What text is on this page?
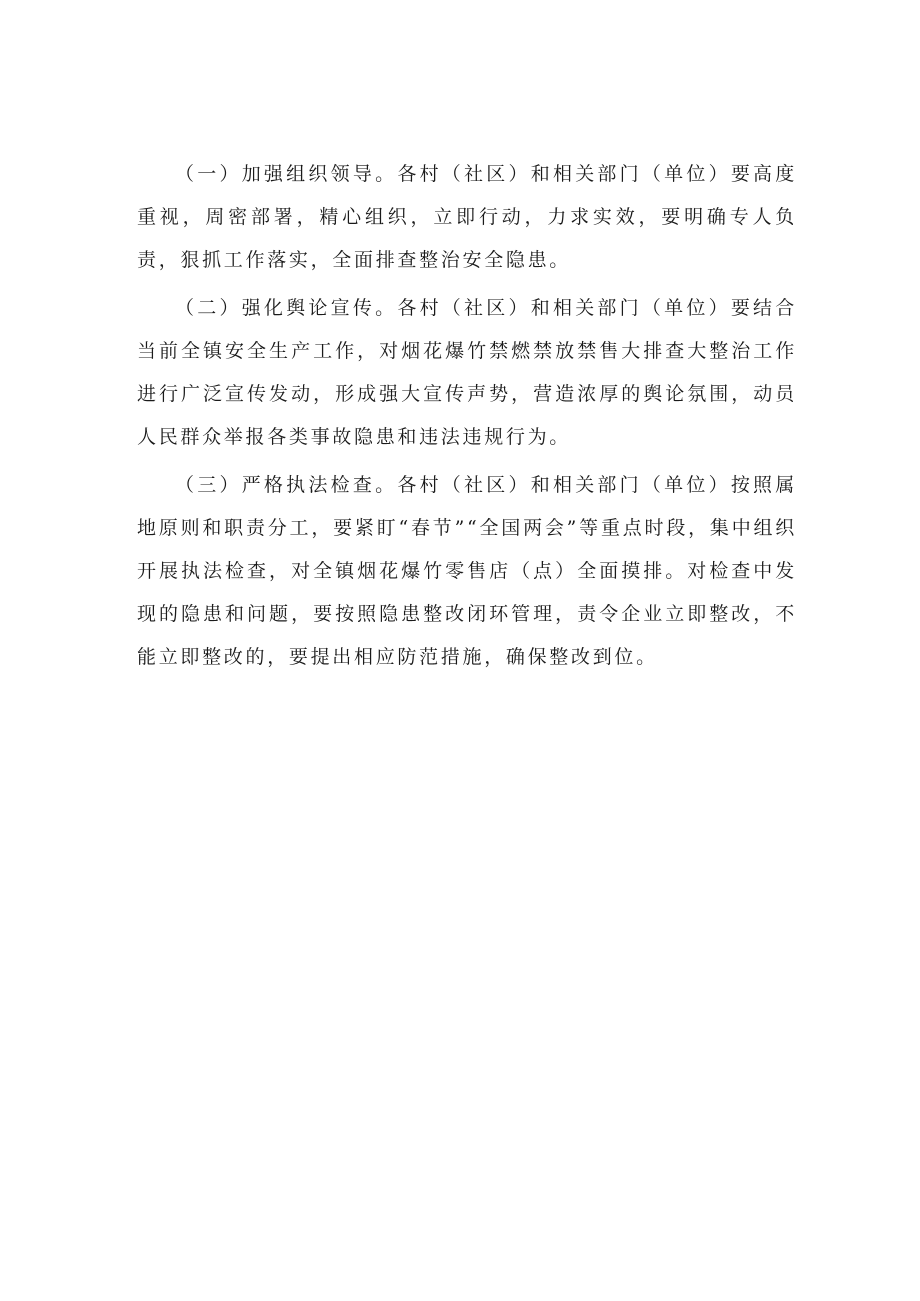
（一）加强组织领导。各村（社区）和相关部门（单位）要高度重视，周密部署，精心组织，立即行动，力求实效，要明确专人负责，狠抓工作落实，全面排查整治安全隐患。

（二）强化舆论宣传。各村（社区）和相关部门（单位）要结合当前全镇安全生产工作，对烟花爆竹禁燃禁放禁售大排查大整治工作进行广泛宣传发动，形成强大宣传声势，营造浓厚的舆论氛围，动员人民群众举报各类事故隐患和违法违规行为。

（三）严格执法检查。各村（社区）和相关部门（单位）按照属地原则和职责分工，要紧盯“春节”“全国两会”等重点时段，集中组织开展执法检查，对全镇烟花爆竹零售店（点）全面摸排。对检查中发现的隐患和问题，要按照隐患整改闭环管理，责令企业立即整改，不能立即整改的，要提出相应防范措施，确保整改到位。
